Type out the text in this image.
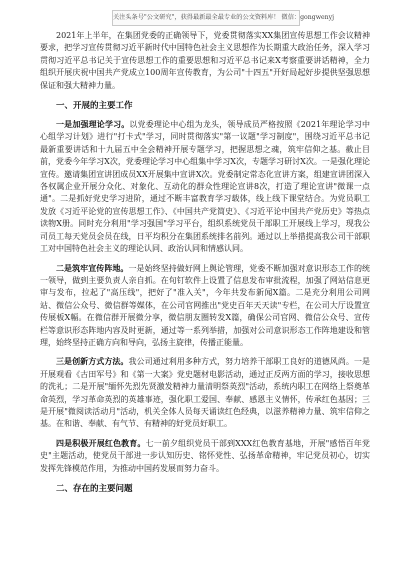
关注头条号"公文研究"，获得最新最全最专业的公文资料库！ 微信：gongwenyj

2021年上半年，在集团党委的正确领导下，党委贯彻落实XX集团宣传思想工作会议精神要求，把学习宣传贯彻习近平新时代中国特色社会主义思想作为长期重大政治任务，深入学习贯彻习近平总书记关于宣传思想工作的重要思想和习近平总书记来X考察重要讲话精神，全力组织开展庆祝中国共产党成立100周年宣传教育，为公司"十四五"开好局起好步提供坚强思想保证和强大精神力量。

一、开展的主要工作

一是加强理论学习。以党委理论中心组为龙头，领导成员严格按照《2021年理论学习中心组学习计划》进行"打卡式"学习，同时贯彻落实"第一议题"学习制度"，围绕习近平总书记最新重要讲话和十九届五中全会精神开展专题学习，把握思想之魂，筑牢信仰之基。截止目前，党委今年学习X次，党委理论学习中心组集中学习X次，专题学习研讨X次。一是强化理论宣传。邀请集团宣讲团成员XX开展集中宣讲X次。党委制定常态化宣讲方案，组建宣讲团深入各权属企业开展分众化、对象化、互动化的群众性理论宣讲8次，打造了理论宣讲"微课一点通"。二是抓好党史学习进阶，通过不断丰富教育学习载体，线上线下课堂结合。为党员职工发放《习近平论党的宣传思想工作》、《中国共产党简史》、《习近平论中国共产党历史》等热点读物X册。同时充分利用"学习强国"学习平台，组织系统党员干部职工开展线上学习，现我公司员工每天党员会员在线，日平均积分在集团系统排名前列。通过以上举措提高我公司干部职工对中国特色社会主义的理论认同、政治认同和情感认同。

二是筑牢宣传阵地。一是始终坚持做好网上舆论管理，党委不断加强对意识形态工作的统一领导，做到主要负责人亲自抓。在旬钉软件上设置了信息发布审批流程，加强了网站信息更审与发布，拉起了"高压线"，把好了"准入关"，今年共发布新闻X篇。二是充分利用公司网站、微信公众号、微信群等媒体，在公司官网推出"党史百年天天读"专栏，在公司大厅设置宣传展板X幅。在微信群开展微分享，微信朋友圈转发X篇，确保公司官网、微信公众号、宣传栏等意识形态阵地内容及时更新，通过等一系列举措，加强对公司意识形态工作阵地建设和管理，始终坚持正确方向和导向，弘扬主旋律，传播正能量。

三是创新方式方法。我公司通过利用多种方式，努力培养干部职工良好的道德风尚。一是开展观看《古田军号》和《第一大案》党史题材电影活动，通过正反两方面的学习，接收思想的洗礼；二是开展"缅怀先烈先贤激发精神力量清明祭英烈"活动，系统内职工在网络上祭奠革命英烈，学习革命英烈的英雄事迹，强化职工爱国、奉献、感恩主义情怀，传承红色基因；三是开展"微阅读活动月"活动，机关全体人员每天诵读红色经典，以滋养精神力量、筑牢信仰之基。在和谐、奉献、有气节、有精神的好党员好职工。

四是积极开展红色教育。七一前夕组织党员干部到XXX红色教育基地，开展"感悟百年党史"主题活动，使党员干部进一步认知历史、铭怀党性、弘扬革命精神，牢记党员初心，切实发挥先锋模范作用，为推动中国药发展而努力奋斗。

二、存在的主要问题
